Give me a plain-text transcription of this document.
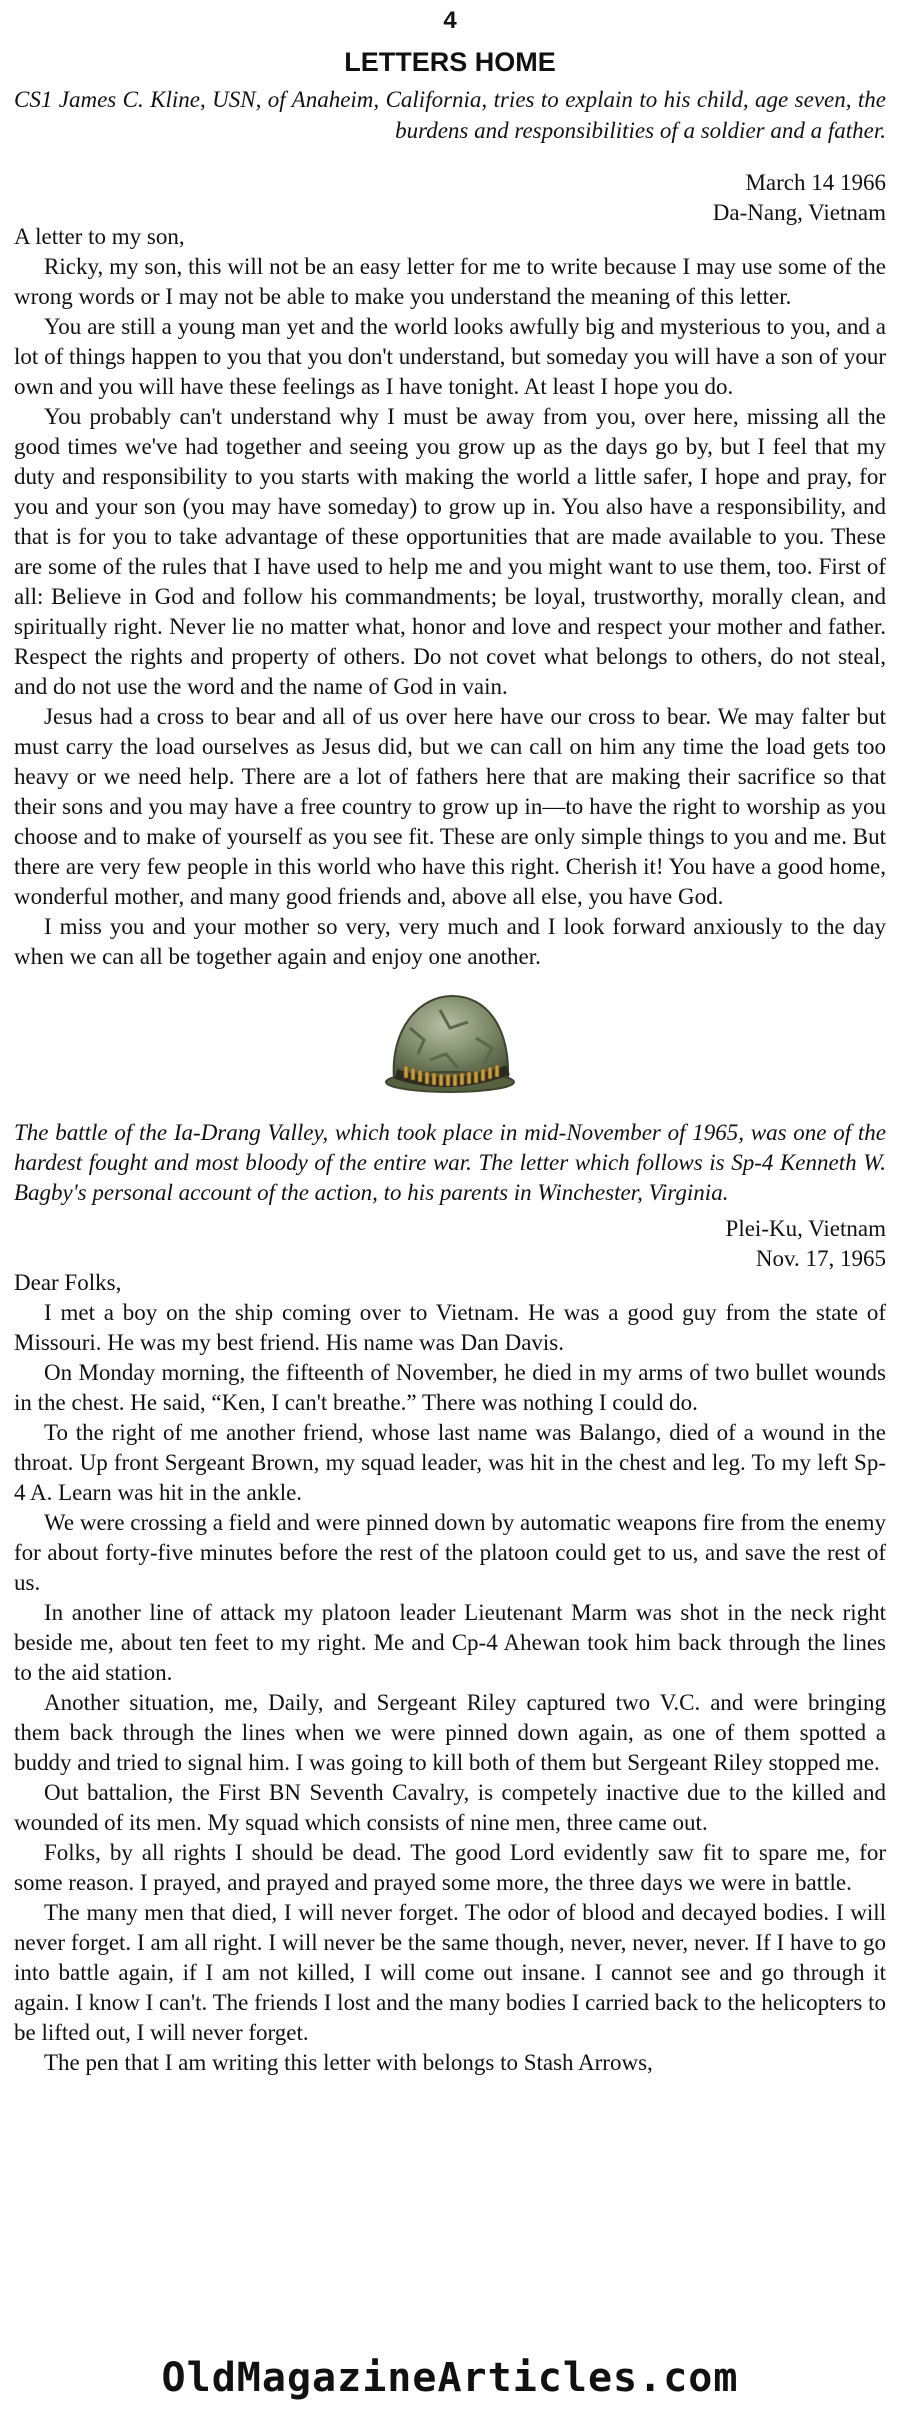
4
LETTERS HOME
CS1 James C. Kline, USN, of Anaheim, California, tries to explain to his child, age seven, the burdens and responsibilities of a soldier and a father.
March 14 1966
Da-Nang, Vietnam
A letter to my son,

Ricky, my son, this will not be an easy letter for me to write because I may use some of the wrong words or I may not be able to make you understand the meaning of this letter.

You are still a young man yet and the world looks awfully big and mysterious to you, and a lot of things happen to you that you don't understand, but someday you will have a son of your own and you will have these feelings as I have tonight. At least I hope you do.

You probably can't understand why I must be away from you, over here, missing all the good times we've had together and seeing you grow up as the days go by, but I feel that my duty and responsibility to you starts with making the world a little safer, I hope and pray, for you and your son (you may have someday) to grow up in. You also have a responsibility, and that is for you to take advantage of these opportunities that are made available to you. These are some of the rules that I have used to help me and you might want to use them, too. First of all: Believe in God and follow his commandments; be loyal, trustworthy, morally clean, and spiritually right. Never lie no matter what, honor and love and respect your mother and father. Respect the rights and property of others. Do not covet what belongs to others, do not steal, and do not use the word and the name of God in vain.

Jesus had a cross to bear and all of us over here have our cross to bear. We may falter but must carry the load ourselves as Jesus did, but we can call on him any time the load gets too heavy or we need help. There are a lot of fathers here that are making their sacrifice so that their sons and you may have a free country to grow up in—to have the right to worship as you choose and to make of yourself as you see fit. These are only simple things to you and me. But there are very few people in this world who have this right. Cherish it! You have a good home, wonderful mother, and many good friends and, above all else, you have God.

I miss you and your mother so very, very much and I look forward anxiously to the day when we can all be together again and enjoy one another.

The battle of the Ia-Drang Valley, which took place in mid-November of 1965, was one of the hardest fought and most bloody of the entire war. The letter which follows is Sp-4 Kenneth W. Bagby's personal account of the action, to his parents in Winchester, Virginia.
Plei-Ku, Vietnam
Nov. 17, 1965
Dear Folks,

I met a boy on the ship coming over to Vietnam. He was a good guy from the state of Missouri. He was my best friend. His name was Dan Davis.

On Monday morning, the fifteenth of November, he died in my arms of two bullet wounds in the chest. He said, “Ken, I can't breathe.” There was nothing I could do.

To the right of me another friend, whose last name was Balango, died of a wound in the throat. Up front Sergeant Brown, my squad leader, was hit in the chest and leg. To my left Sp-4 A. Learn was hit in the ankle.

We were crossing a field and were pinned down by automatic weapons fire from the enemy for about forty-five minutes before the rest of the platoon could get to us, and save the rest of us.

In another line of attack my platoon leader Lieutenant Marm was shot in the neck right beside me, about ten feet to my right. Me and Cp-4 Ahewan took him back through the lines to the aid station.

Another situation, me, Daily, and Sergeant Riley captured two V.C. and were bringing them back through the lines when we were pinned down again, as one of them spotted a buddy and tried to signal him. I was going to kill both of them but Sergeant Riley stopped me.

Out battalion, the First BN Seventh Cavalry, is competely inactive due to the killed and wounded of its men. My squad which consists of nine men, three came out.

Folks, by all rights I should be dead. The good Lord evidently saw fit to spare me, for some reason. I prayed, and prayed and prayed some more, the three days we were in battle.

The many men that died, I will never forget. The odor of blood and decayed bodies. I will never forget. I am all right. I will never be the same though, never, never, never. If I have to go into battle again, if I am not killed, I will come out insane. I cannot see and go through it again. I know I can't. The friends I lost and the many bodies I carried back to the helicopters to be lifted out, I will never forget.

The pen that I am writing this letter with belongs to Stash Arrows,

OldMagazineArticles.com
